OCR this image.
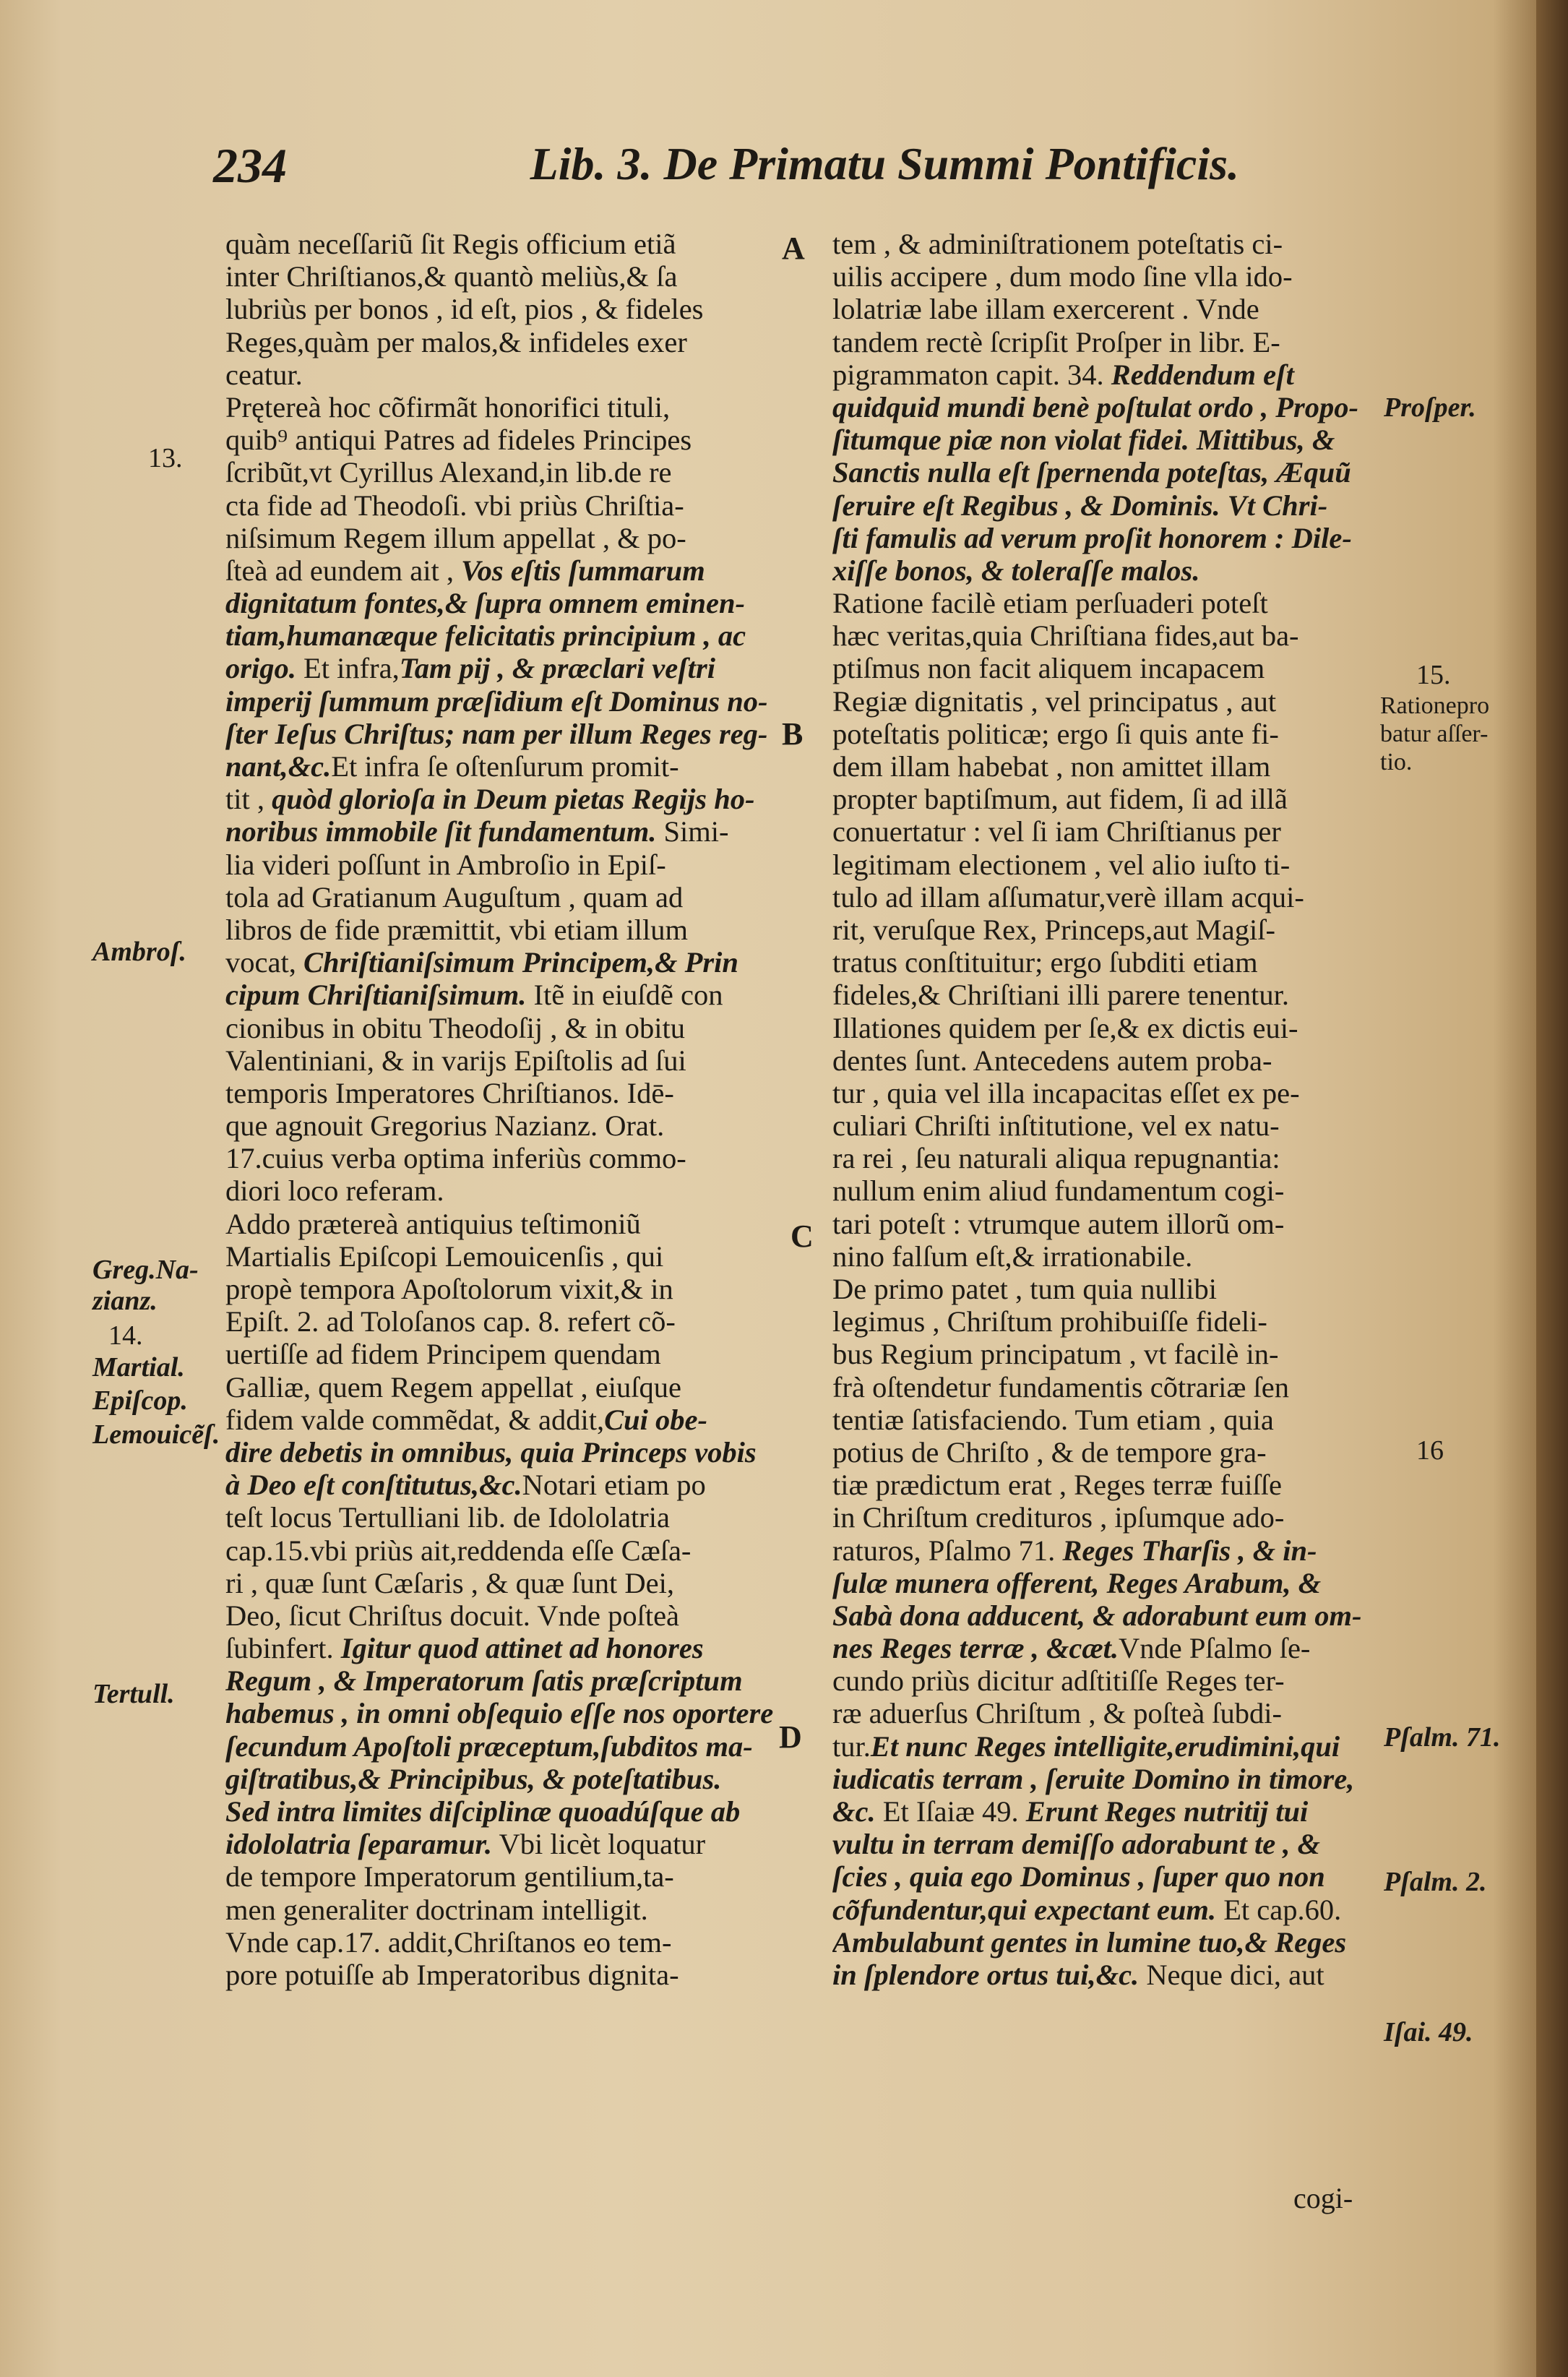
234	Lib. 3. De Primatu Summi Pontificis.
quàm neceſſariũ ſit Regis officium etiã
inter Chriſtianos,& quantò meliùs,& ſa
lubriùs per bonos , id eſt, pios , & fideles
Reges,quàm per malos,& infideles exer
ceatur.
Prętereà hoc cõfirmãt honorifici tituli,
quib⁹ antiqui Patres ad fideles Principes
ſcribũt,vt Cyrillus Alexand,in lib.de re
cta fide ad Theodoſi. vbi priùs Chriſtia-
niſsimum Regem illum appellat , & po-
ſteà ad eundem ait , Vos eſtis ſummarum
dignitatum fontes,& ſupra omnem eminen-
tiam,humanæque felicitatis principium , ac
origo. Et infra,Tam pij , & præclari veſtri
imperij ſummum præſidium eſt Dominus no-
ſter Ieſus Chriſtus; nam per illum Reges reg-
nant,&c.Et infra ſe oſtenſurum promit-
tit , quòd glorioſa in Deum pietas Regijs ho-
noribus immobile ſit fundamentum. Simi-
lia videri poſſunt in Ambroſio in Epiſ-
tola ad Gratianum Auguſtum , quam ad
libros de fide præmittit, vbi etiam illum
vocat, Chriſtianiſsimum Principem,& Prin
cipum Chriſtianiſsimum. Itẽ in eiuſdẽ con
cionibus in obitu Theodoſij , & in obitu
Valentiniani, & in varijs Epiſtolis ad ſui
temporis Imperatores Chriſtianos. Idē-
que agnouit Gregorius Nazianz. Orat.
17.cuius verba optima inferiùs commo-
diori loco referam.
Addo prætereà antiquius teſtimoniũ
Martialis Epiſcopi Lemouicenſis , qui
propè tempora Apoſtolorum vixit,& in
Epiſt. 2. ad Toloſanos cap. 8. refert cõ-
uertiſſe ad fidem Principem quendam
Galliæ, quem Regem appellat , eiuſque
fidem valde commẽdat, & addit,Cui obe-
dire debetis in omnibus, quia Princeps vobis
à Deo eſt conſtitutus,&c.Notari etiam po
teſt locus Tertulliani lib. de Idololatria
cap.15.vbi priùs ait,reddenda eſſe Cæſa-
ri , quæ ſunt Cæſaris , & quæ ſunt Dei,
Deo, ſicut Chriſtus docuit. Vnde poſteà
ſubinfert. Igitur quod attinet ad honores
Regum , & Imperatorum ſatis præſcriptum
habemus , in omni obſequio eſſe nos oportere
ſecundum Apoſtoli præceptum,ſubditos ma-
giſtratibus,& Principibus, & poteſtatibus.
Sed intra limites diſciplinæ quoadúſque ab
idololatria ſeparamur. Vbi licèt loquatur
de tempore Imperatorum gentilium,ta-
men generaliter doctrinam intelligit.
Vnde cap.17. addit,Chriſtanos eo tem-
pore potuiſſe ab Imperatoribus dignita-
tem , & adminiſtrationem poteſtatis ci-
uilis accipere , dum modo ſine vlla ido-
lolatriæ labe illam exercerent . Vnde
tandem rectè ſcripſit Proſper in libr. E-
pigrammaton capit. 34. Reddendum eſt
quidquid mundi benè poſtulat ordo , Propo-
ſitumque piæ non violat fidei. Mittibus, &
Sanctis nulla eſt ſpernenda poteſtas, Æquũ
ſeruire eſt Regibus , & Dominis. Vt Chri-
ſti famulis ad verum proſit honorem : Dile-
xiſſe bonos, & toleraſſe malos.
Ratione facilè etiam perſuaderi poteſt
hæc veritas,quia Chriſtiana fides,aut ba-
ptiſmus non facit aliquem incapacem
Regiæ dignitatis , vel principatus , aut
poteſtatis politicæ; ergo ſi quis ante fi-
dem illam habebat , non amittet illam
propter baptiſmum, aut fidem, ſi ad illã
conuertatur : vel ſi iam Chriſtianus per
legitimam electionem , vel alio iuſto ti-
tulo ad illam aſſumatur,verè illam acqui-
rit, veruſque Rex, Princeps,aut Magiſ-
tratus conſtituitur; ergo ſubditi etiam
fideles,& Chriſtiani illi parere tenentur.
Illationes quidem per ſe,& ex dictis eui-
dentes ſunt. Antecedens autem proba-
tur , quia vel illa incapacitas eſſet ex pe-
culiari Chriſti inſtitutione, vel ex natu-
ra rei , ſeu naturali aliqua repugnantia:
nullum enim aliud fundamentum cogi-
tari poteſt : vtrumque autem illorũ om-
nino falſum eſt,& irrationabile.
De primo patet , tum quia nullibi
legimus , Chriſtum prohibuiſſe fideli-
bus Regium principatum , vt facilè in-
frà oſtendetur fundamentis cõtrariæ ſen
tentiæ ſatisfaciendo. Tum etiam , quia
potius de Chriſto , & de tempore gra-
tiæ prædictum erat , Reges terræ fuiſſe
in Chriſtum credituros , ipſumque ado-
raturos, Pſalmo 71. Reges Tharſis , & in-
ſulæ munera offerent, Reges Arabum, &
Sabà dona adducent, & adorabunt eum om-
nes Reges terræ , &cæt.Vnde Pſalmo ſe-
cundo priùs dicitur adſtitiſſe Reges ter-
ræ aduerſus Chriſtum , & poſteà ſubdi-
tur.Et nunc Reges intelligite,erudimini,qui
iudicatis terram , ſeruite Domino in timore,
&c. Et Iſaiæ 49. Erunt Reges nutritij tui
vultu in terram demiſſo adorabunt te , &
ſcies , quia ego Dominus , ſuper quo non
cõfundentur,qui expectant eum. Et cap.60.
Ambulabunt gentes in lumine tuo,& Reges
in ſplendore ortus tui,&c. Neque dici, aut
A
B
C
D
13.
Ambroſ.
Greg.Na-
zianz.
14.
Martial.
Epiſcop.
Lemouicẽſ.
Tertull.
Proſper.
15.
Rationepro
batur aſſer-
tio.
16
Pſalm. 71.
Pſalm. 2.
Iſai. 49.
cogi-
